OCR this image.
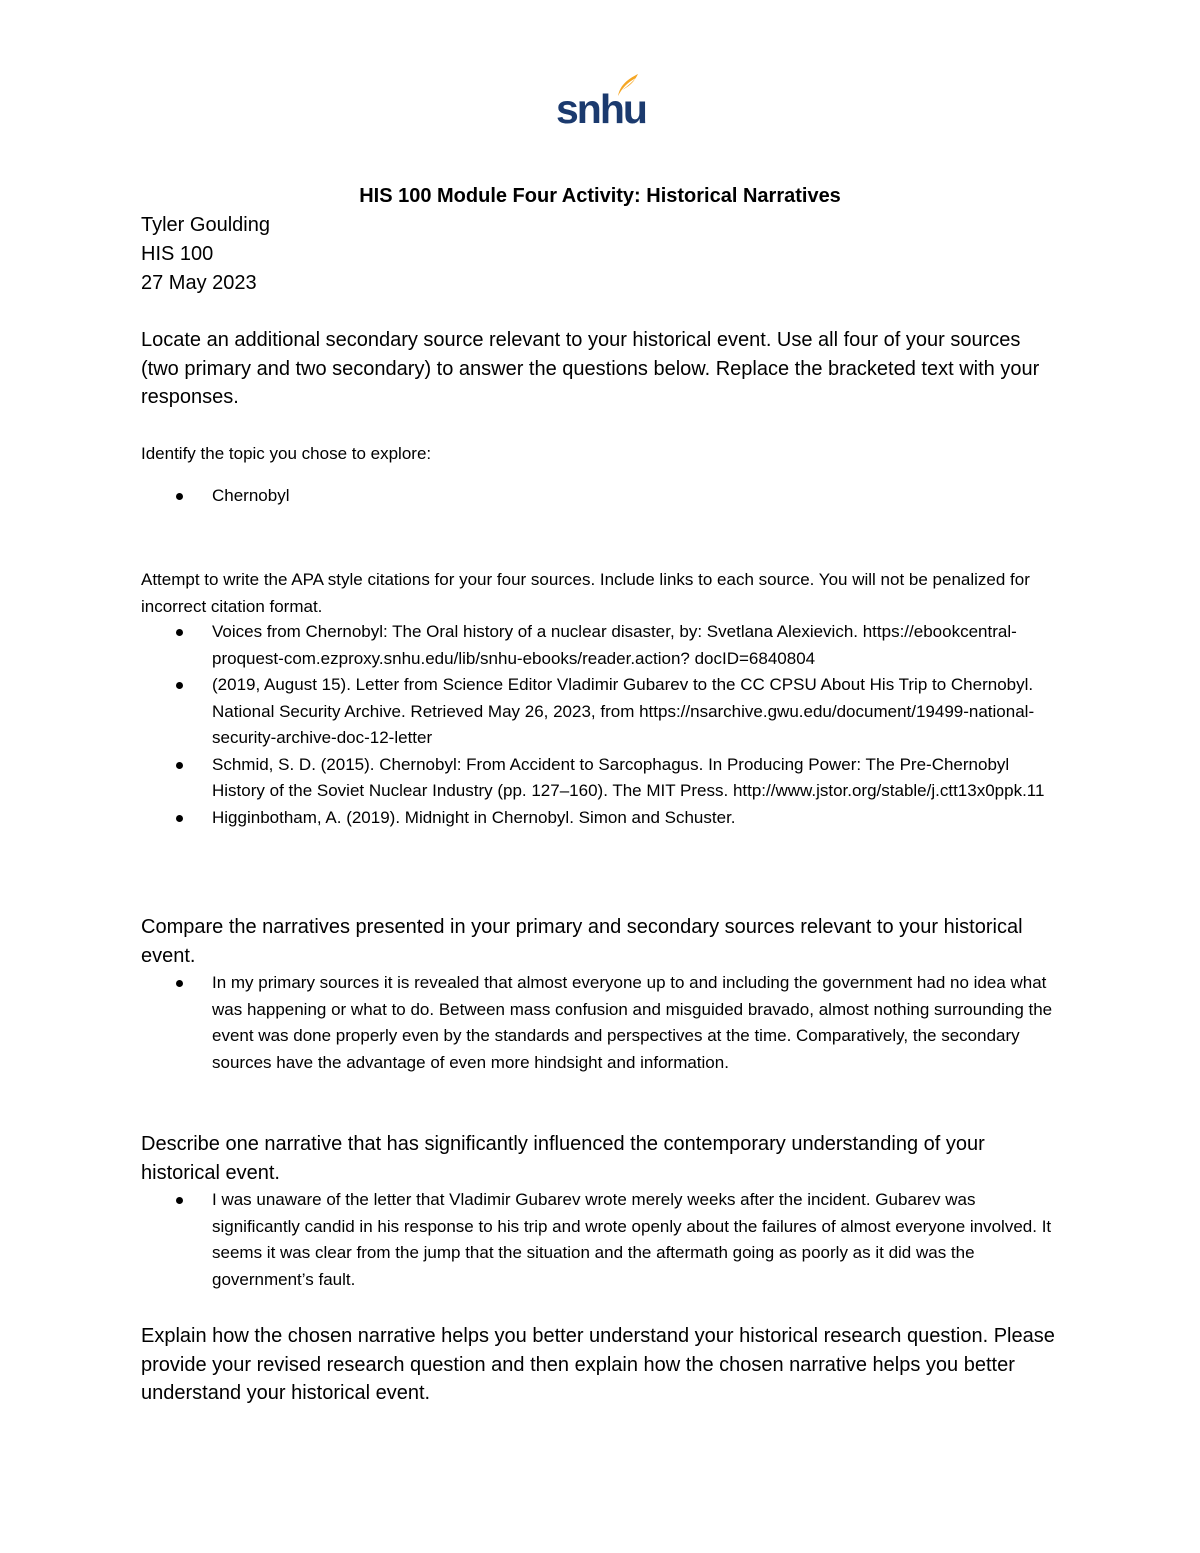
snhu
HIS 100 Module Four Activity: Historical Narratives
Tyler Goulding
HIS 100
27 May 2023
Locate an additional secondary source relevant to your historical event. Use all four of your sources (two primary and two secondary) to answer the questions below. Replace the bracketed text with your responses.
Identify the topic you chose to explore:
Chernobyl
Attempt to write the APA style citations for your four sources. Include links to each source. You will not be penalized for incorrect citation format.
Voices from Chernobyl: The Oral history of a nuclear disaster, by: Svetlana Alexievich. https://ebookcentral-proquest-com.ezproxy.snhu.edu/lib/snhu-ebooks/reader.action? docID=6840804
(2019, August 15). Letter from Science Editor Vladimir Gubarev to the CC CPSU About His Trip to Chernobyl. National Security Archive. Retrieved May 26, 2023, from https://nsarchive.gwu.edu/document/19499-national-security-archive-doc-12-letter
Schmid, S. D. (2015). Chernobyl: From Accident to Sarcophagus. In Producing Power: The Pre-Chernobyl History of the Soviet Nuclear Industry (pp. 127–160). The MIT Press. http://www.jstor.org/stable/j.ctt13x0ppk.11
Higginbotham, A. (2019). Midnight in Chernobyl. Simon and Schuster.
Compare the narratives presented in your primary and secondary sources relevant to your historical event.
In my primary sources it is revealed that almost everyone up to and including the government had no idea what was happening or what to do. Between mass confusion and misguided bravado, almost nothing surrounding the event was done properly even by the standards and perspectives at the time. Comparatively, the secondary sources have the advantage of even more hindsight and information.
Describe one narrative that has significantly influenced the contemporary understanding of your historical event.
I was unaware of the letter that Vladimir Gubarev wrote merely weeks after the incident. Gubarev was significantly candid in his response to his trip and wrote openly about the failures of almost everyone involved. It seems it was clear from the jump that the situation and the aftermath going as poorly as it did was the government’s fault.
Explain how the chosen narrative helps you better understand your historical research question. Please provide your revised research question and then explain how the chosen narrative helps you better understand your historical event.
